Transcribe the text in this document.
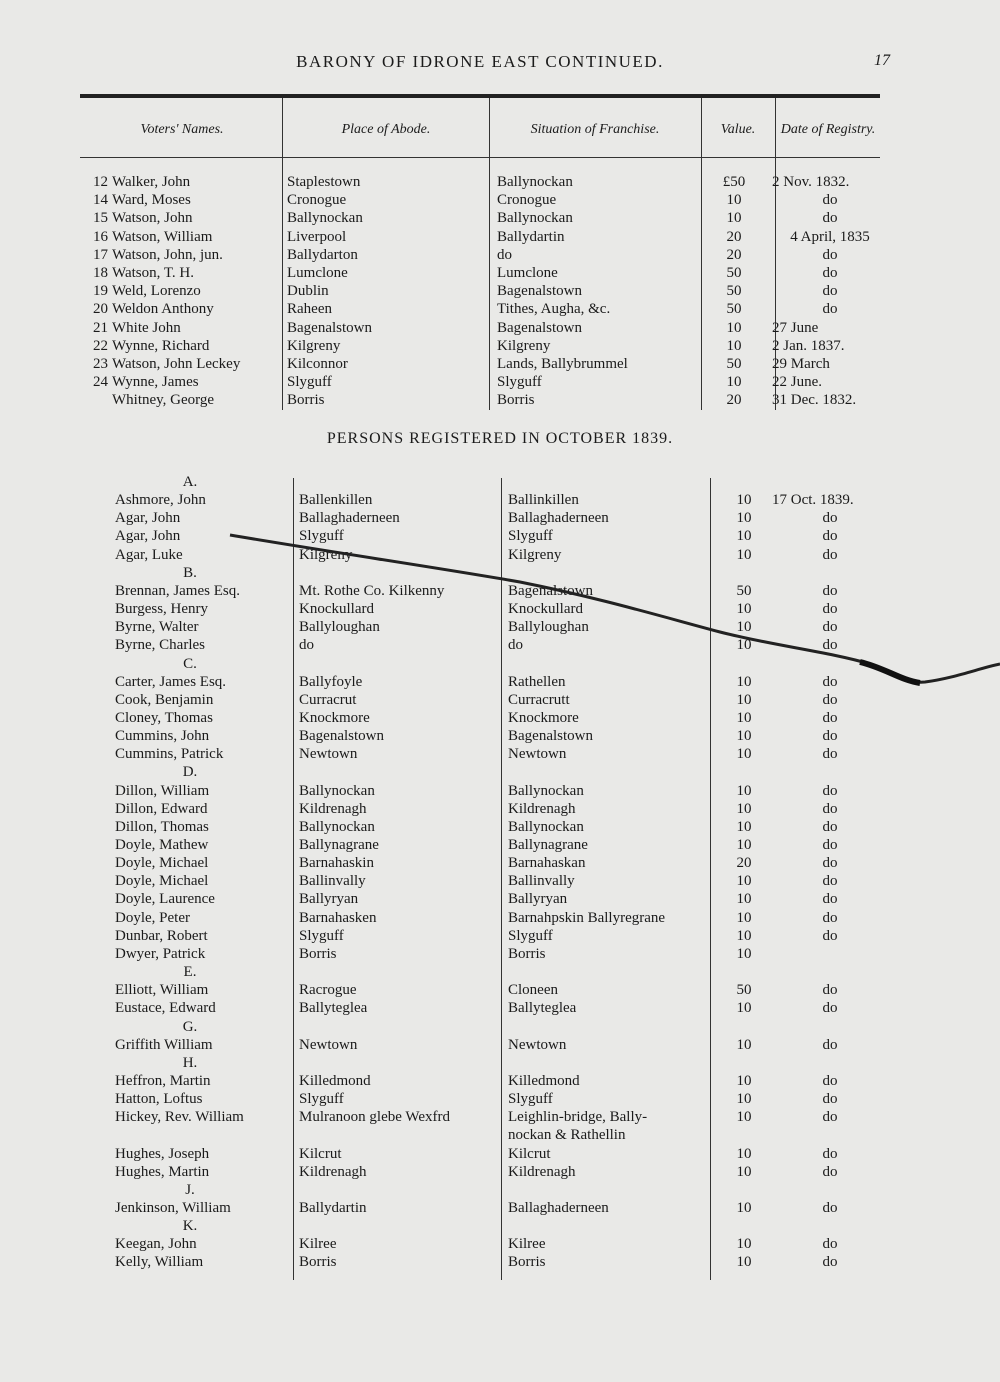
BARONY OF IDRONE EAST CONTINUED.	17
Voters' Names.	Place of Abode.	Situation of Franchise.	Value.	Date of Registry.
12 Walker, John	Staplestown	Ballynockan	£50	2 Nov. 1832.
14 Ward, Moses	Cronogue	Cronogue	10	do
15 Watson, John	Ballynockan	Ballynockan	10	do
16 Watson, William	Liverpool	Ballydartin	20	4 April, 1835
17 Watson, John, jun.	Ballydarton	do	20	do
18 Watson, T. H.	Lumclone	Lumclone	50	do
19 Weld, Lorenzo	Dublin	Bagenalstown	50	do
20 Weldon Anthony	Raheen	Tithes, Augha, &c.	50	do
21 White John	Bagenalstown	Bagenalstown	10	27 June
22 Wynne, Richard	Kilgreny	Kilgreny	10	2 Jan. 1837.
23 Watson, John Leckey	Kilconnor	Lands, Ballybrummel	50	29 March
24 Wynne, James	Slyguff	Slyguff	10	22 June.
Whitney, George	Borris	Borris	20	31 Dec. 1832.
PERSONS REGISTERED IN OCTOBER 1839.
A.
Ashmore, John	Ballenkillen	Ballinkillen	10	17 Oct. 1839.
Agar, John	Ballaghaderneen	Ballaghaderneen	10	do
Agar, John	Slyguff	Slyguff	10	do
Agar, Luke	Kilgreny	Kilgreny	10	do
B.
Brennan, James Esq.	Mt. Rothe Co. Kilkenny	Bagenalstown	50	do
Burgess, Henry	Knockullard	Knockullard	10	do
Byrne, Walter	Ballyloughan	Ballyloughan	10	do
Byrne, Charles	do	do	10	do
C.
Carter, James Esq.	Ballyfoyle	Rathellen	10	do
Cook, Benjamin	Curracrut	Curracrutt	10	do
Cloney, Thomas	Knockmore	Knockmore	10	do
Cummins, John	Bagenalstown	Bagenalstown	10	do
Cummins, Patrick	Newtown	Newtown	10	do
D.
Dillon, William	Ballynockan	Ballynockan	10	do
Dillon, Edward	Kildrenagh	Kildrenagh	10	do
Dillon, Thomas	Ballynockan	Ballynockan	10	do
Doyle, Mathew	Ballynagrane	Ballynagrane	10	do
Doyle, Michael	Barnahaskin	Barnahaskan	20	do
Doyle, Michael	Ballinvally	Ballinvally	10	do
Doyle, Laurence	Ballyryan	Ballyryan	10	do
Doyle, Peter	Barnahasken	Barnahpskin Ballyregrane	10	do
Dunbar, Robert	Slyguff	Slyguff	10	do
Dwyer, Patrick	Borris	Borris	10
E.
Elliott, William	Racrogue	Cloneen	50	do
Eustace, Edward	Ballyteglea	Ballyteglea	10	do
G.
Griffith William	Newtown	Newtown	10	do
H.
Heffron, Martin	Killedmond	Killedmond	10	do
Hatton, Loftus	Slyguff	Slyguff	10	do
Hickey, Rev. William	Mulranoon glebe Wexfrd	Leighlin-bridge, Bally-	10	do
nockan & Rathellin
Hughes, Joseph	Kilcrut	Kilcrut	10	do
Hughes, Martin	Kildrenagh	Kildrenagh	10	do
J.
Jenkinson, William	Ballydartin	Ballaghaderneen	10	do
K.
Keegan, John	Kilree	Kilree	10	do
Kelly, William	Borris	Borris	10	do
